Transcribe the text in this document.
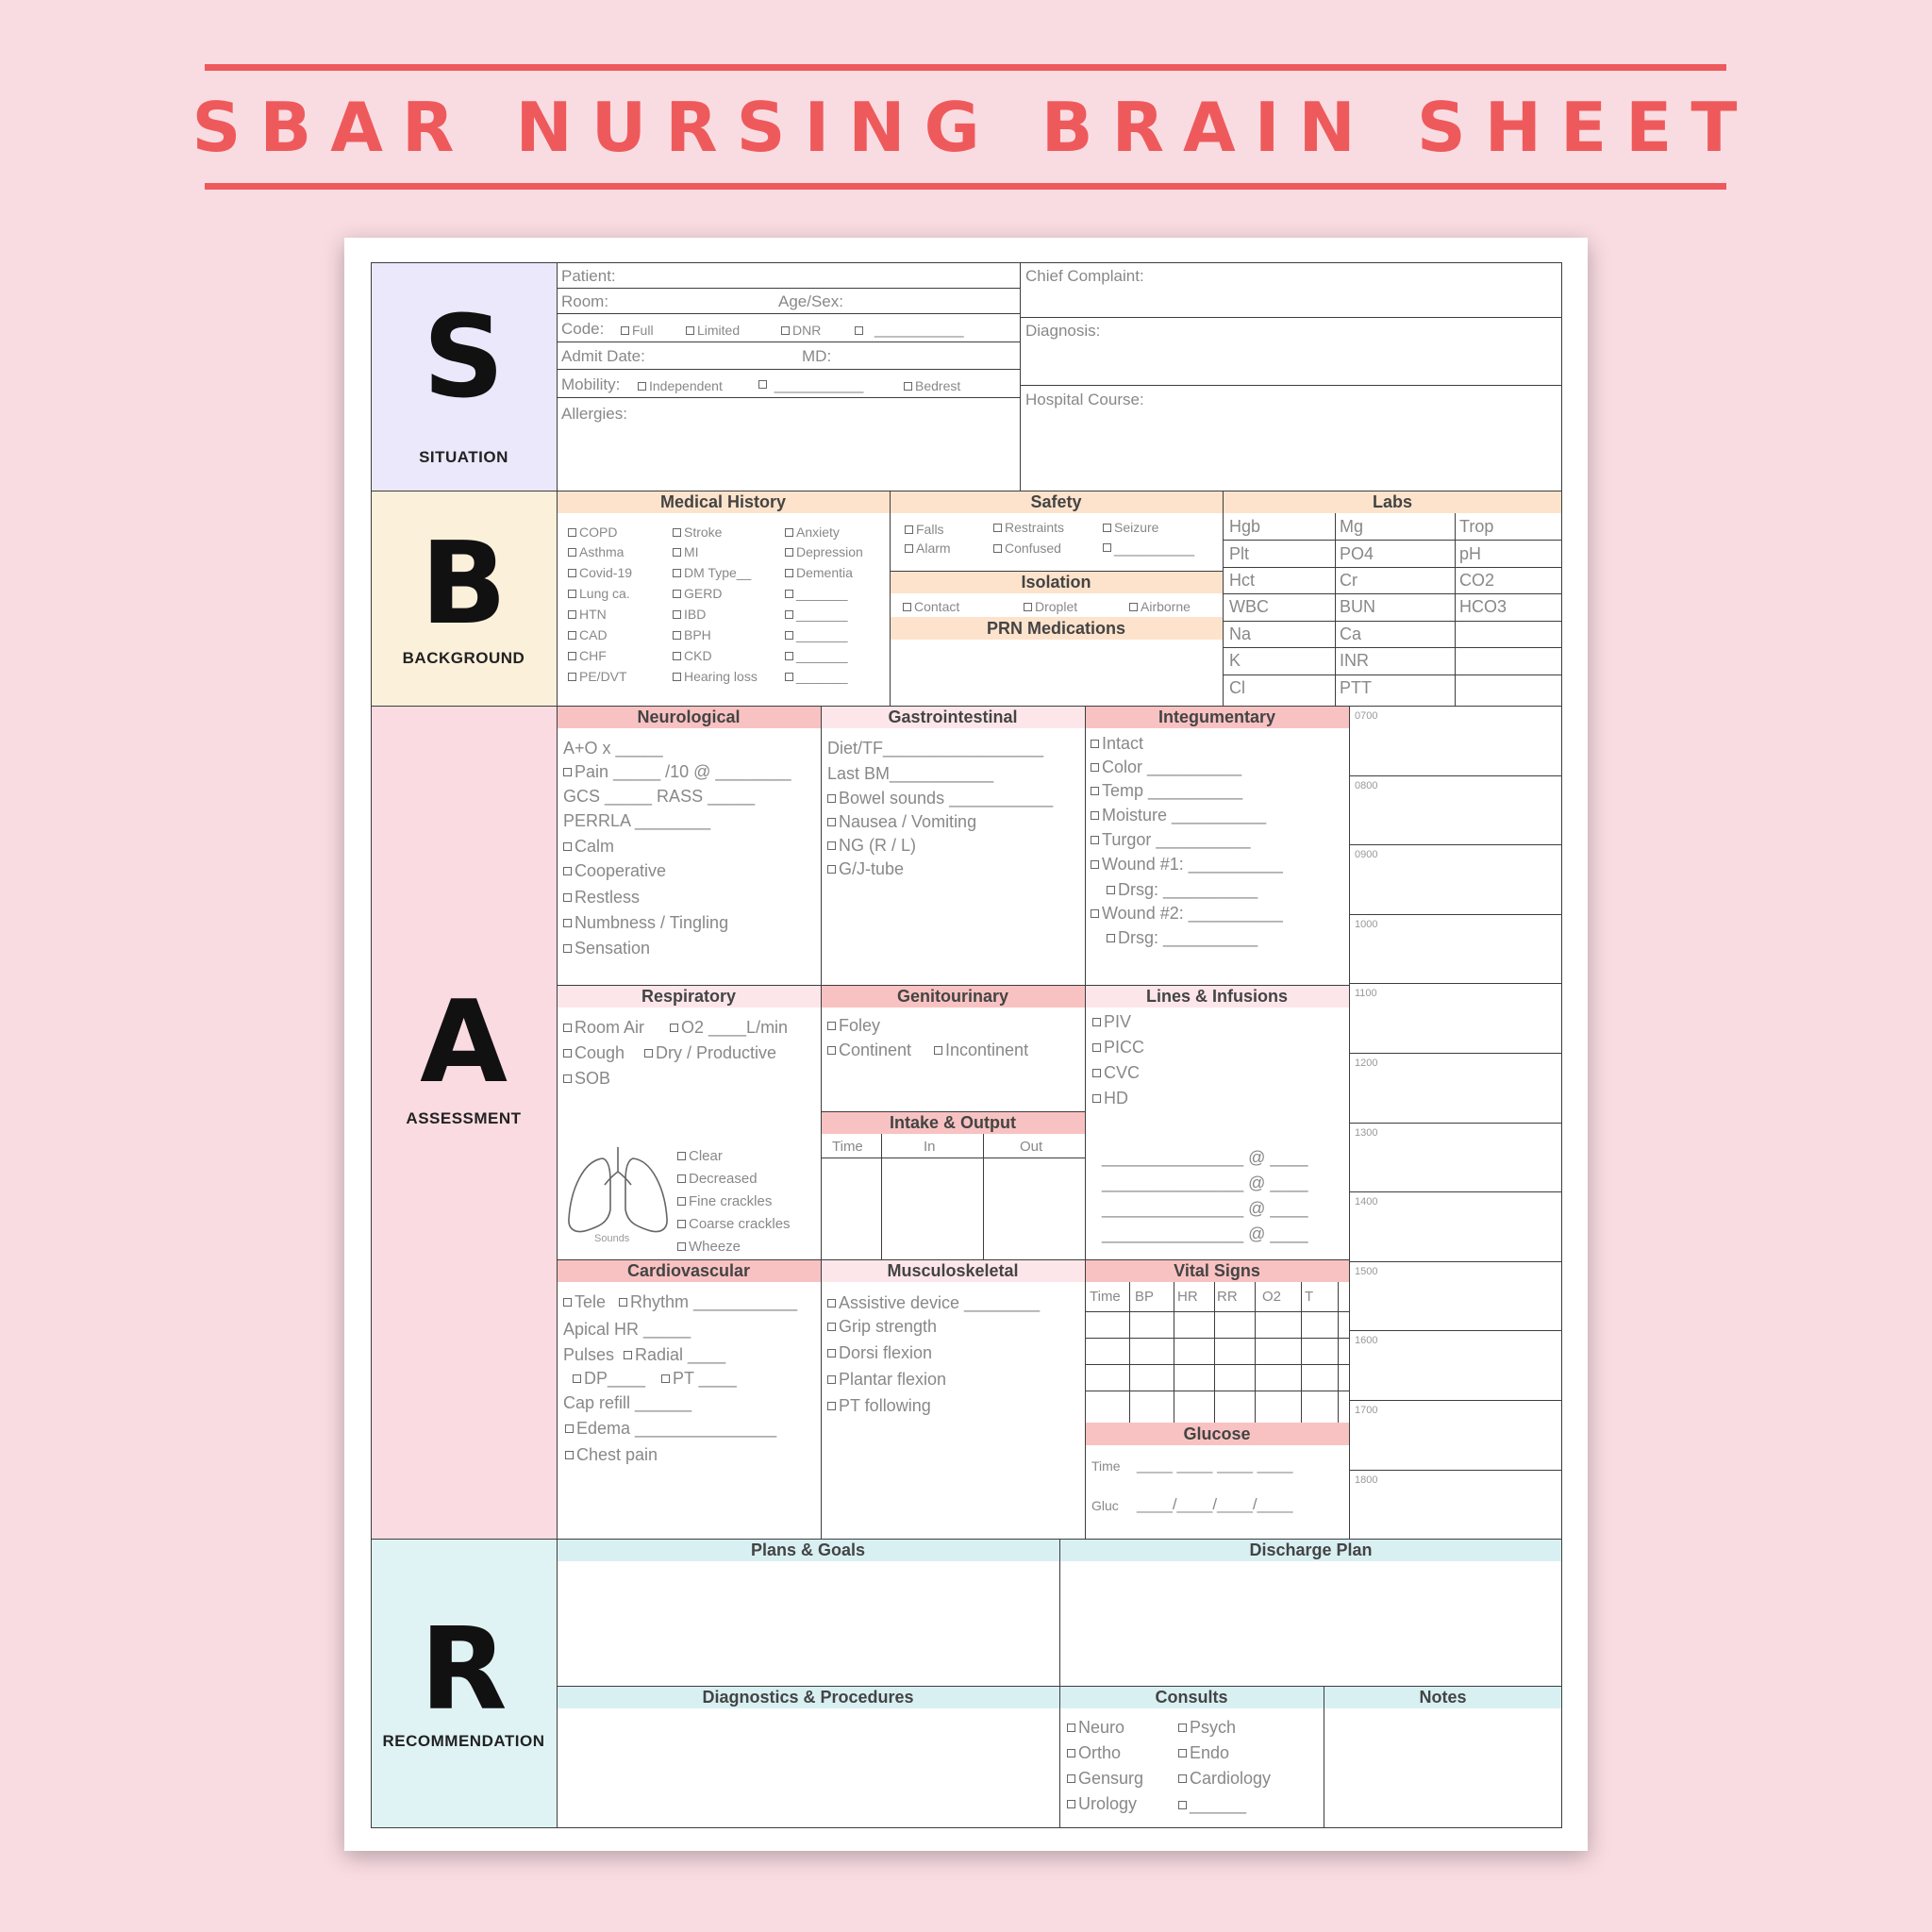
SBAR NURSING BRAIN SHEET
S
SITUATION
B
BACKGROUND
A
ASSESSMENT
R
RECOMMENDATION
Medical History	Safety
Isolation
PRN Medications
Labs
Neurological	Gastrointestinal	Integumentary
Respiratory	Genitourinary	Lines & Infusions
Intake & Output
Cardiovascular	Musculoskeletal	Vital Signs
Glucose
Plans & Goals	Discharge Plan
Diagnostics & Procedures	Consults	Notes
Patient:
Room:	Age/Sex:
Code:	Full	Limited	DNR	__________
Admit Date:	MD:
Mobility:	Independent	__________	Bedrest
Allergies:
Chief Complaint:
Diagnosis:
Hospital Course:
COPD	Stroke	Anxiety
Asthma	MI	Depression
Covid-19	DM Type__	Dementia
Lung ca.	GERD	_______
HTN	IBD	_______
CAD	BPH	_______
CHF	CKD	_______
PE/DVT	Hearing loss	_______
Falls	Restraints	Seizure
Alarm	Confused	_________
Contact	Droplet	Airborne
Hgb	Mg	Trop
Plt	PO4	pH
Hct	Cr	CO2
WBC	BUN	HCO3
Na	Ca
K	INR
Cl	PTT
A+O x _____
Pain _____ /10 @ ________
GCS _____ RASS _____
PERRLA ________
Calm
Cooperative
Restless
Numbness / Tingling
Sensation
Diet/TF_________________
Last BM___________
Bowel sounds ___________
Nausea / Vomiting
NG (R / L)
G/J-tube
Intact
Color __________
Temp __________
Moisture __________
Turgor __________
Wound #1: __________
Drsg: __________
Wound #2: __________
Drsg: __________
Room Air	O2 ____L/min
Cough	Dry / Productive
SOB
Clear
Decreased
Fine crackles
Coarse crackles
Wheeze
Foley
Continent	Incontinent
Time	In	Out
PIV
PICC
CVC
HD
_______________ @ ____
_______________ @ ____
_______________ @ ____
_______________ @ ____
Tele	Rhythm ___________
Apical HR _____
Pulses	Radial ____
DP____	PT ____
Cap refill ______
Edema _______________
Chest pain
Assistive device ________
Grip strength
Dorsi flexion
Plantar flexion
PT following
Time BP HR RR O2 T
Time ____ ____ ____ ____
Gluc ____/____/____/____
0700
0800
0900
1000
1100
1200
1300
1400
1500
1600
1700
1800
Neuro	Psych
Ortho	Endo
Gensurg	Cardiology
Urology	______
Sounds
